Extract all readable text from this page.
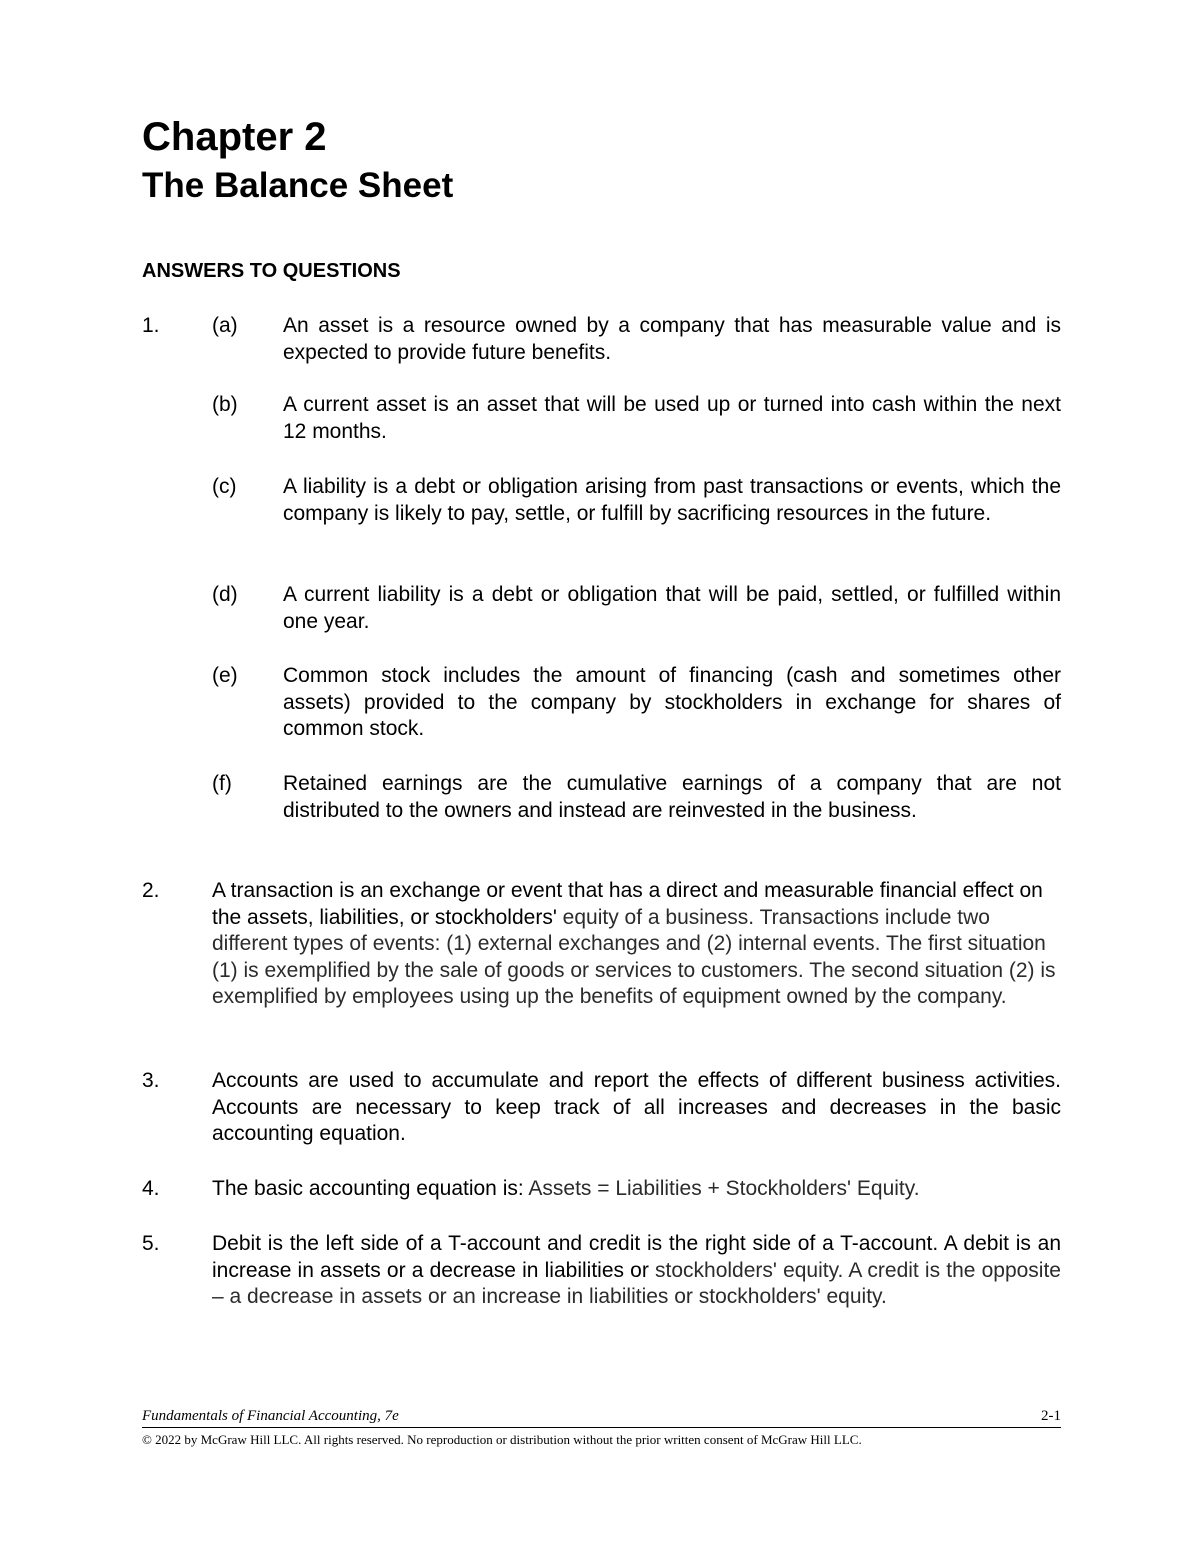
Chapter 2
The Balance Sheet
ANSWERS TO QUESTIONS
1. (a) An asset is a resource owned by a company that has measurable value and is expected to provide future benefits.
(b) A current asset is an asset that will be used up or turned into cash within the next 12 months.
(c) A liability is a debt or obligation arising from past transactions or events, which the company is likely to pay, settle, or fulfill by sacrificing resources in the future.
(d) A current liability is a debt or obligation that will be paid, settled, or fulfilled within one year.
(e) Common stock includes the amount of financing (cash and sometimes other assets) provided to the company by stockholders in exchange for shares of common stock.
(f) Retained earnings are the cumulative earnings of a company that are not distributed to the owners and instead are reinvested in the business.
2. A transaction is an exchange or event that has a direct and measurable financial effect on the assets, liabilities, or stockholders' equity of a business. Transactions include two different types of events: (1) external exchanges and (2) internal events. The first situation (1) is exemplified by the sale of goods or services to customers. The second situation (2) is exemplified by employees using up the benefits of equipment owned by the company.
3. Accounts are used to accumulate and report the effects of different business activities. Accounts are necessary to keep track of all increases and decreases in the basic accounting equation.
4. The basic accounting equation is: Assets = Liabilities + Stockholders' Equity.
5. Debit is the left side of a T-account and credit is the right side of a T-account. A debit is an increase in assets or a decrease in liabilities or stockholders' equity. A credit is the opposite – a decrease in assets or an increase in liabilities or stockholders' equity.
Fundamentals of Financial Accounting, 7e	2-1
© 2022 by McGraw Hill LLC. All rights reserved. No reproduction or distribution without the prior written consent of McGraw Hill LLC.
